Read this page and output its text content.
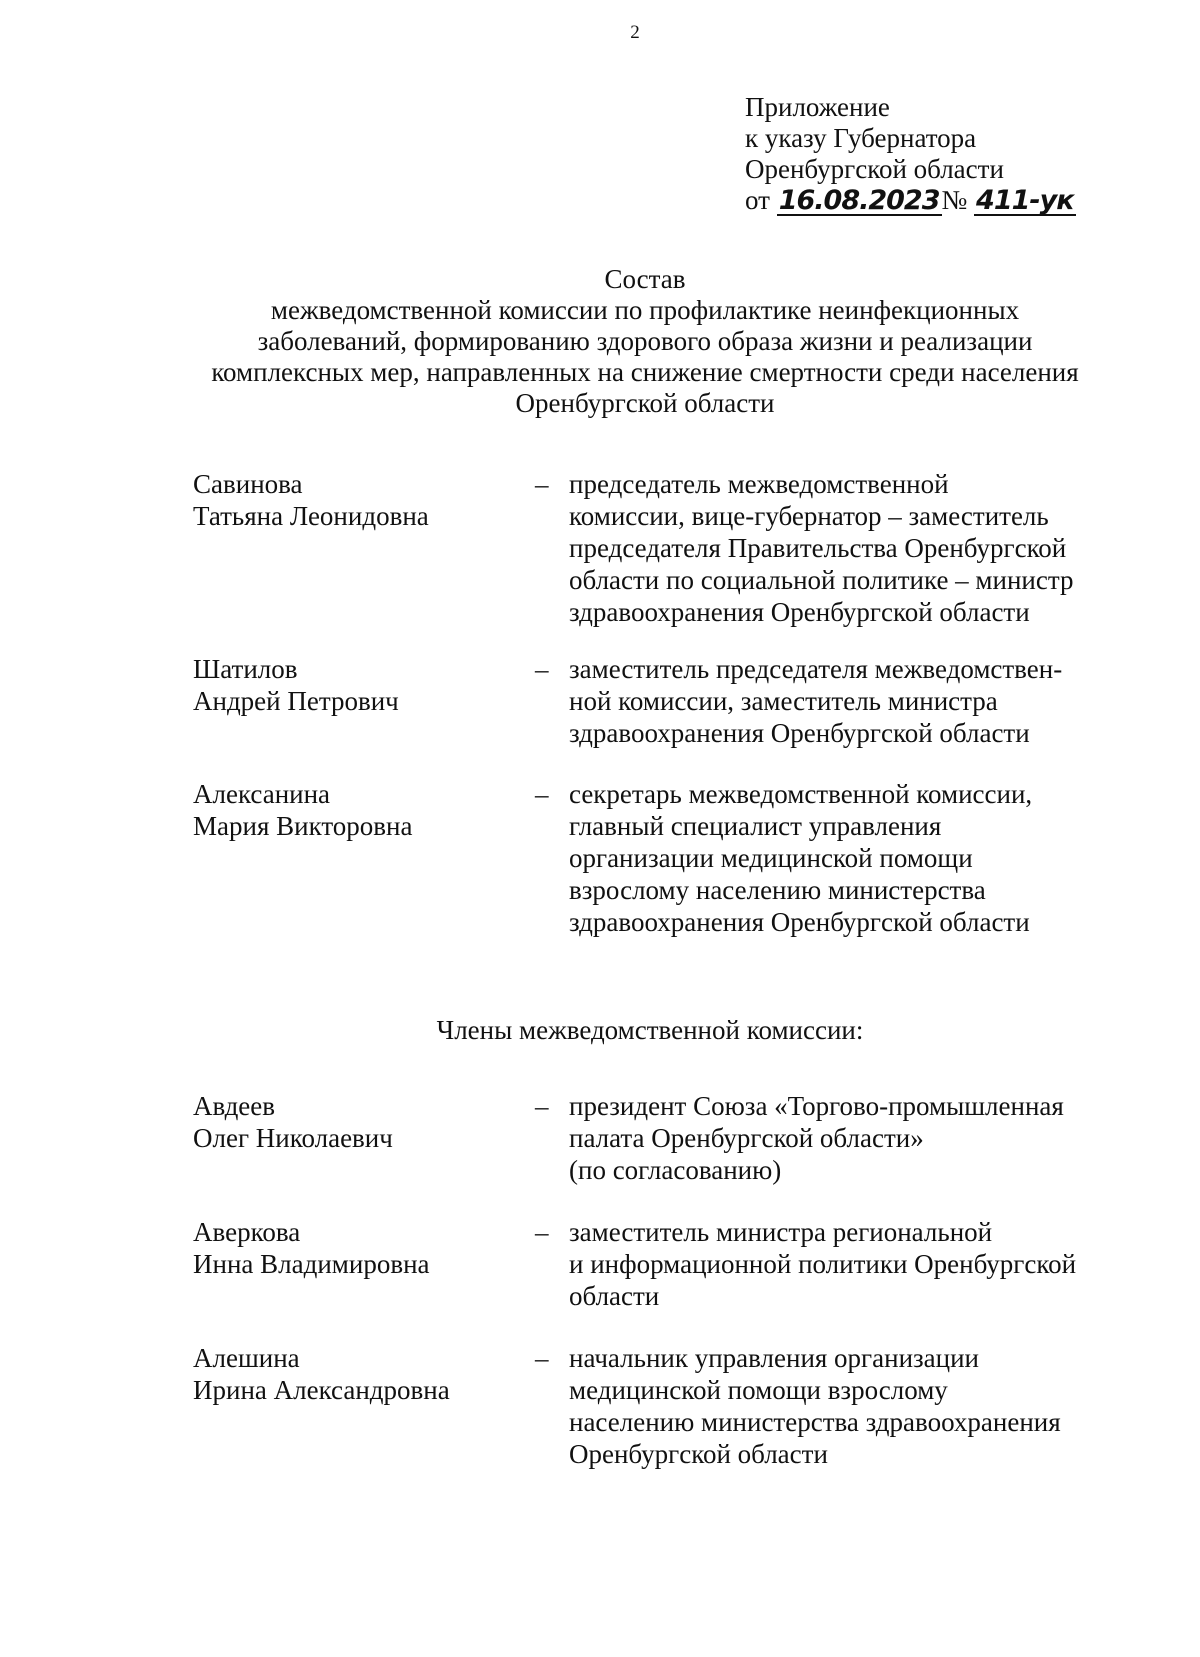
2
Приложение
к указу Губернатора
Оренбургской области
от 16.08.2023№ 411-ук
Состав
межведомственной комиссии по профилактике неинфекционных
заболеваний, формированию здорового образа жизни и реализации
комплексных мер, направленных на снижение смертности среди населения
Оренбургской области
Савинова
Татьяна Леонидовна
– председатель межведомственной
комиссии, вице-губернатор – заместитель
председателя Правительства Оренбургской
области по социальной политике – министр
здравоохранения Оренбургской области
Шатилов
Андрей Петрович
– заместитель председателя межведомствен-
ной комиссии, заместитель министра
здравоохранения Оренбургской области
Алексанина
Мария Викторовна
– секретарь межведомственной комиссии,
главный специалист управления
организации медицинской помощи
взрослому населению министерства
здравоохранения Оренбургской области
Члены межведомственной комиссии:
Авдеев
Олег Николаевич
– президент Союза «Торгово-промышленная
палата Оренбургской области»
(по согласованию)
Аверкова
Инна Владимировна
– заместитель министра региональной
и информационной политики Оренбургской
области
Алешина
Ирина Александровна
– начальник управления организации
медицинской помощи взрослому
населению министерства здравоохранения
Оренбургской области
